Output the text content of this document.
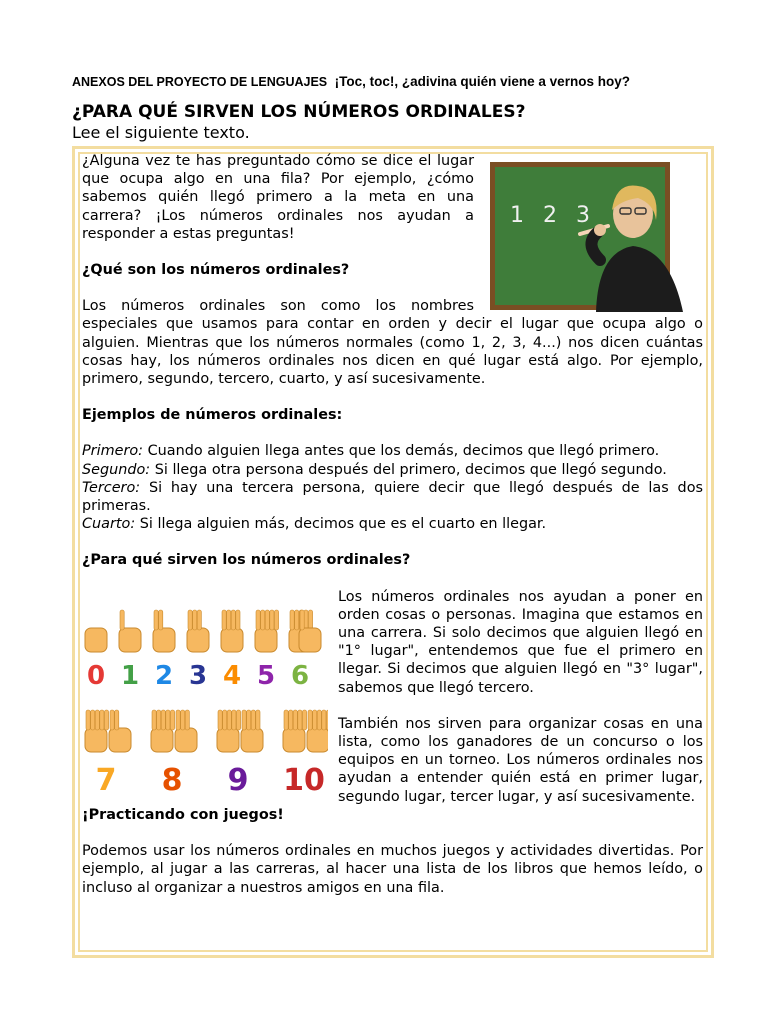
ANEXOS DEL PROYECTO DE LENGUAJES ¡Toc, toc!, ¿adivina quién viene a vernos hoy?
¿PARA QUÉ SIRVEN LOS NÚMEROS ORDINALES?
Lee el siguiente texto.
1 2 3

¿Alguna vez te has preguntado cómo se dice el lugar que ocupa algo en una fila? Por ejemplo, ¿cómo sabemos quién llegó primero a la meta en una carrera? ¡Los números ordinales nos ayudan a responder a estas preguntas!

¿Qué son los números ordinales?

Los números ordinales son como los nombres especiales que usamos para contar en orden y decir el lugar que ocupa algo o alguien. Mientras que los números normales (como 1, 2, 3, 4...) nos dicen cuántas cosas hay, los números ordinales nos dicen en qué lugar está algo. Por ejemplo, primero, segundo, tercero, cuarto, y así sucesivamente.

Ejemplos de números ordinales:

Primero: Cuando alguien llega antes que los demás, decimos que llegó primero.

Segundo: Si llega otra persona después del primero, decimos que llegó segundo.

Tercero: Si hay una tercera persona, quiere decir que llegó después de las dos primeras.

Cuarto: Si llega alguien más, decimos que es el cuarto en llegar.

¿Para qué sirven los números ordinales?

0 1 2 3 4 5 6
7 8 9 10

Los números ordinales nos ayudan a poner en orden cosas o personas. Imagina que estamos en una carrera. Si solo decimos que alguien llegó en "1° lugar", entendemos que fue el primero en llegar. Si decimos que alguien llegó en "3° lugar", sabemos que llegó tercero.

También nos sirven para organizar cosas en una lista, como los ganadores de un concurso o los equipos en un torneo. Los números ordinales nos ayudan a entender quién está en primer lugar, segundo lugar, tercer lugar, y así sucesivamente.

¡Practicando con juegos!

Podemos usar los números ordinales en muchos juegos y actividades divertidas. Por ejemplo, al jugar a las carreras, al hacer una lista de los libros que hemos leído, o incluso al organizar a nuestros amigos en una fila.
